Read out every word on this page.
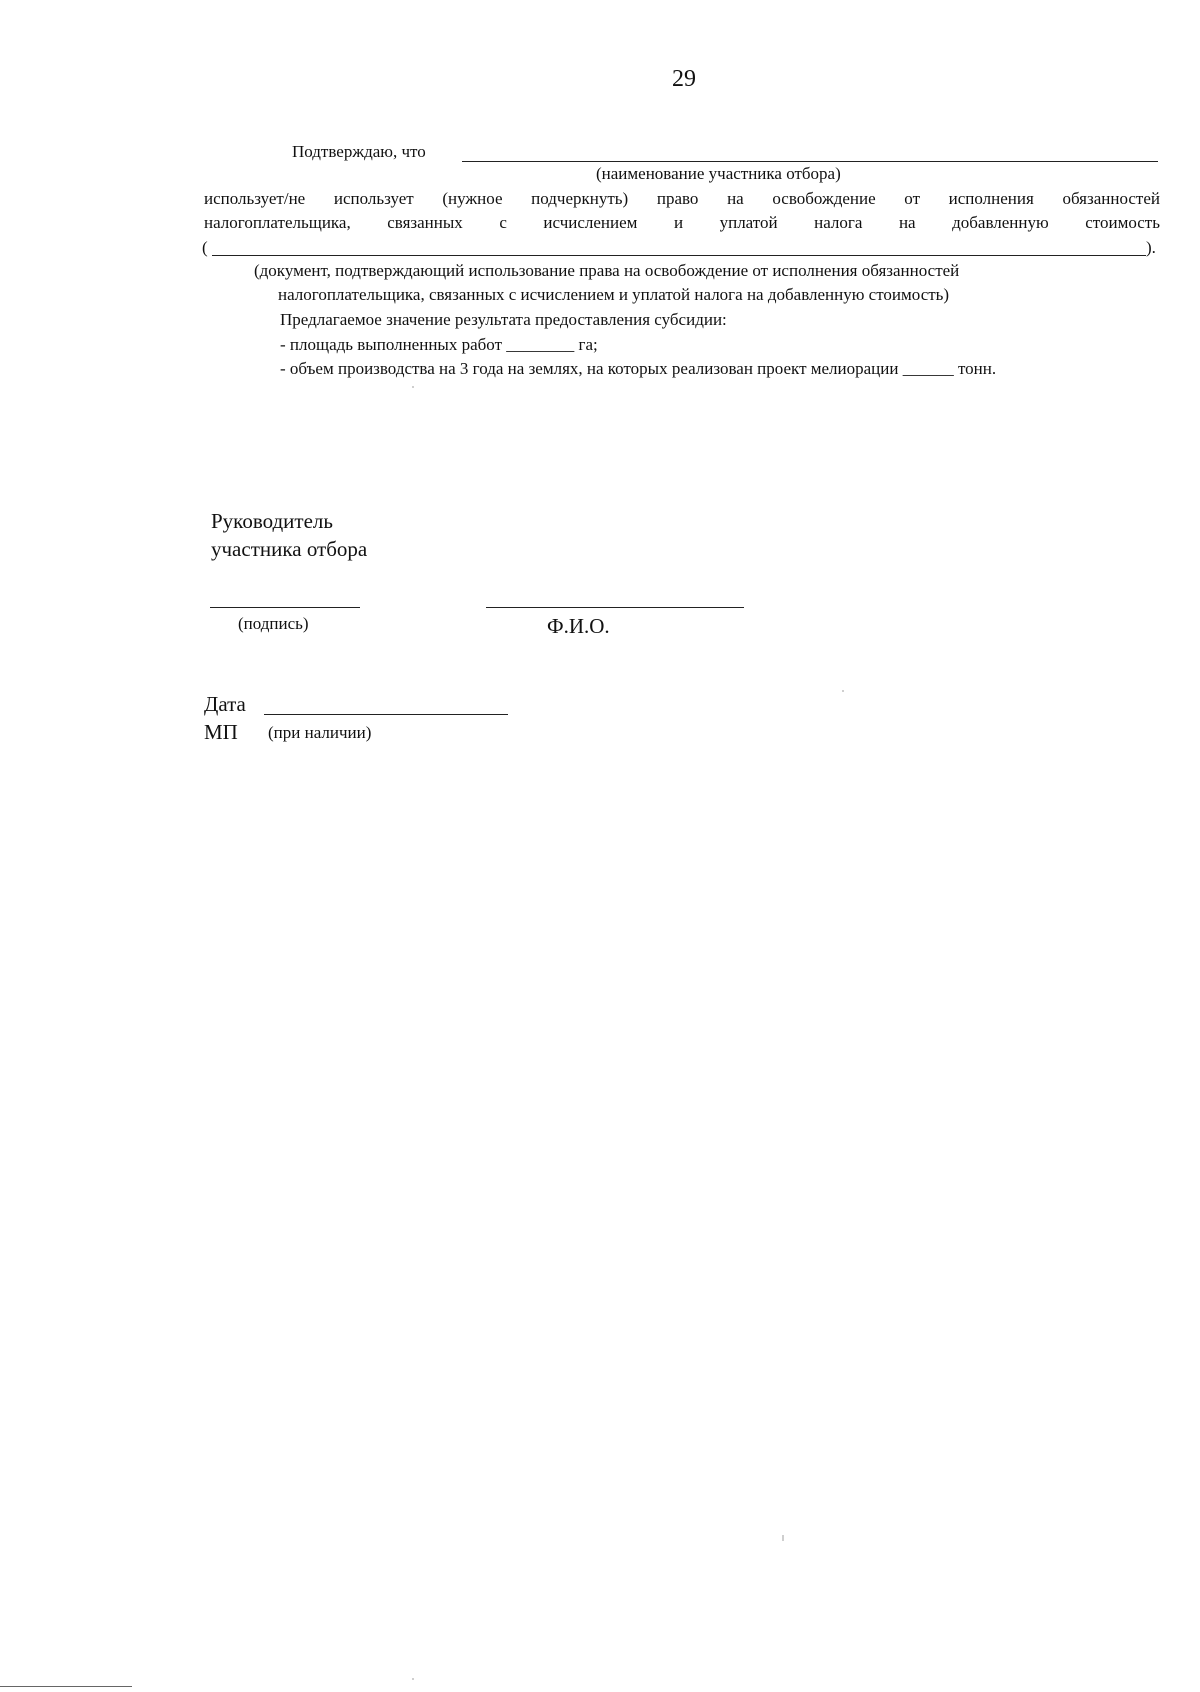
29
Подтверждаю, что
(наименование участника отбора)
использует/не использует (нужное подчеркнуть) право на освобождение от исполнения обязанностей
налогоплательщика, связанных с исчислением и уплатой налога на добавленную стоимость
(	).
(документ, подтверждающий использование права на освобождение от исполнения обязанностей
налогоплательщика, связанных с исчислением и уплатой налога на добавленную стоимость)
Предлагаемое значение результата предоставления субсидии:
- площадь выполненных работ ________ га;
- объем производства на 3 года на землях, на которых реализован проект мелиорации ______ тонн.
Руководитель
участника отбора
(подпись)	Ф.И.О.
Дата
МП (при наличии)
